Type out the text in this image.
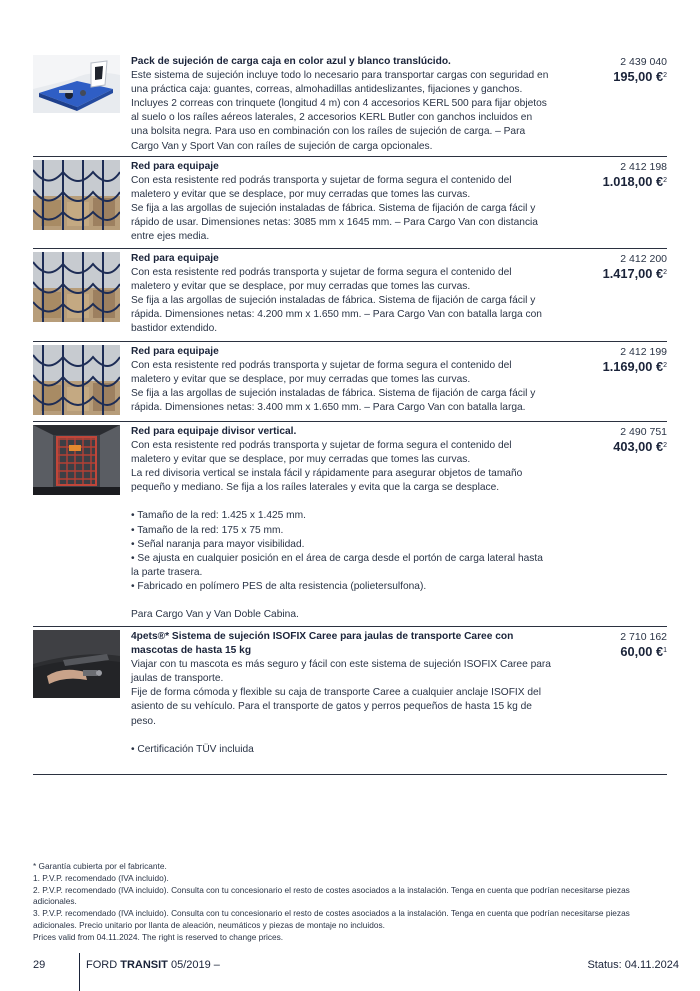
Pack de sujeción de carga caja en color azul y blanco translúcido.

Este sistema de sujeción incluye todo lo necesario para transportar cargas con seguridad en una práctica caja: guantes, correas, almohadillas antideslizantes, fijaciones y ganchos. Incluyes 2 correas con trinquete (longitud 4 m) con 4 accesorios KERL 500 para fijar objetos al suelo o los raíles aéreos laterales, 2 accesorios KERL Butler con ganchos incluidos en una bolsita negra. Para uso en combinación con los raíles de sujeción de carga. – Para Cargo Van y Sport Van con raíles de sujeción de carga opcionales.

2 439 040
195,00 €$^2$
Red para equipaje

Con esta resistente red podrás transporta y sujetar de forma segura el contenido del maletero y evitar que se desplace, por muy cerradas que tomes las curvas.

Se fija a las argollas de sujeción instaladas de fábrica. Sistema de fijación de carga fácil y rápido de usar. Dimensiones netas: 3085 mm x 1645 mm. – Para Cargo Van con distancia entre ejes media.

2 412 198
1.018,00 €$^2$
Red para equipaje

Con esta resistente red podrás transporta y sujetar de forma segura el contenido del maletero y evitar que se desplace, por muy cerradas que tomes las curvas.

Se fija a las argollas de sujeción instaladas de fábrica. Sistema de fijación de carga fácil y rápida. Dimensiones netas: 4.200 mm x 1.650 mm. – Para Cargo Van con batalla larga con bastidor extendido.

2 412 200
1.417,00 €$^2$
Red para equipaje

Con esta resistente red podrás transporta y sujetar de forma segura el contenido del maletero y evitar que se desplace, por muy cerradas que tomes las curvas.

Se fija a las argollas de sujeción instaladas de fábrica. Sistema de fijación de carga fácil y rápida. Dimensiones netas: 3.400 mm x 1.650 mm. – Para Cargo Van con batalla larga.

2 412 199
1.169,00 €$^2$
Red para equipaje divisor vertical.

Con esta resistente red podrás transporta y sujetar de forma segura el contenido del maletero y evitar que se desplace, por muy cerradas que tomes las curvas.

La red divisoria vertical se instala fácil y rápidamente para asegurar objetos de tamaño pequeño y mediano. Se fija a los raíles laterales y evita que la carga se desplace.

• Tamaño de la red: 1.425 x 1.425 mm.
• Tamaño de la red: 175 x 75 mm.
• Señal naranja para mayor visibilidad.
• Se ajusta en cualquier posición en el área de carga desde el portón de carga lateral hasta la parte trasera.
• Fabricado en polímero PES de alta resistencia (polietersulfona).

Para Cargo Van y Van Doble Cabina.

2 490 751
403,00 €$^2$
4pets®* Sistema de sujeción ISOFIX Caree para jaulas de transporte Caree con mascotas de hasta 15 kg

Viajar con tu mascota es más seguro y fácil con este sistema de sujeción ISOFIX Caree para jaulas de transporte.

Fije de forma cómoda y flexible su caja de transporte Caree a cualquier anclaje ISOFIX del asiento de su vehículo. Para el transporte de gatos y perros pequeños de hasta 15 kg de peso.

• Certificación TÜV incluida
2 710 162
60,00 €$^1$

* Garantía cubierta por el fabricante.

1. P.V.P. recomendado (IVA incluido).

2. P.V.P. recomendado (IVA incluido). Consulta con tu concesionario el resto de costes asociados a la instalación. Tenga en cuenta que podrían necesitarse piezas adicionales.

3. P.V.P. recomendado (IVA incluido). Consulta con tu concesionario el resto de costes asociados a la instalación. Tenga en cuenta que podrían necesitarse piezas adicionales. Precio unitario por llanta de aleación, neumáticos y piezas de montaje no incluidos.

Prices valid from 04.11.2024. The right is reserved to change prices.

29	FORD TRANSIT 05/2019 –	Status: 04.11.2024
